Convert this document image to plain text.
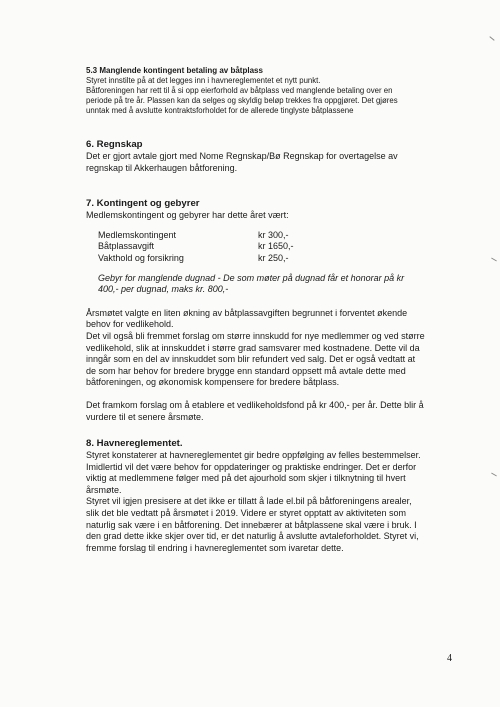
5.3 Manglende kontingent betaling av båtplass

Styret innstilte på at det legges inn i havnereglementet et nytt punkt.

Båtforeningen har rett til å si opp eierforhold av båtplass ved manglende betaling over en

periode på tre år. Plassen kan da selges og skyldig beløp trekkes fra oppgjøret. Det gjøres

unntak med å avslutte kontraktsforholdet for de allerede tinglyste båtplassene

6. Regnskap

Det er gjort avtale gjort med Nome Regnskap/Bø Regnskap for overtagelse av

regnskap til Akkerhaugen båtforening.

7. Kontingent og gebyrer

Medlemskontingent og gebyrer har dette året vært:

Medlemskontingent	kr 300,-
Båtplassavgift	kr 1650,-
Vakthold og forsikring	kr 250,-

Gebyr for manglende dugnad - De som møter på dugnad får et honorar på kr

400,- per dugnad, maks kr. 800,-

Årsmøtet valgte en liten økning av båtplassavgiften begrunnet i forventet økende

behov for vedlikehold.

Det vil også bli fremmet forslag om større innskudd for nye medlemmer og ved større

vedlikehold, slik at innskuddet i større grad samsvarer med kostnadene. Dette vil da

inngår som en del av innskuddet som blir refundert ved salg. Det er også vedtatt at

de som har behov for bredere brygge enn standard oppsett må avtale dette med

båtforeningen, og økonomisk kompensere for bredere båtplass.

Det framkom forslag om å etablere et vedlikeholdsfond på kr 400,- per år. Dette blir å

vurdere til et senere årsmøte.

8. Havnereglementet.

Styret konstaterer at havnereglementet gir bedre oppfølging av felles bestemmelser.

Imidlertid vil det være behov for oppdateringer og praktiske endringer. Det er derfor

viktig at medlemmene følger med på det ajourhold som skjer i tilknytning til hvert

årsmøte.

Styret vil igjen presisere at det ikke er tillatt å lade el.bil på båtforeningens arealer,

slik det ble vedtatt på årsmøtet i 2019. Videre er styret opptatt av aktiviteten som

naturlig sak være i en båtforening. Det innebærer at båtplassene skal være i bruk. I

den grad dette ikke skjer over tid, er det naturlig å avslutte avtaleforholdet. Styret vi,

fremme forslag til endring i havnereglementet som ivaretar dette.

4
